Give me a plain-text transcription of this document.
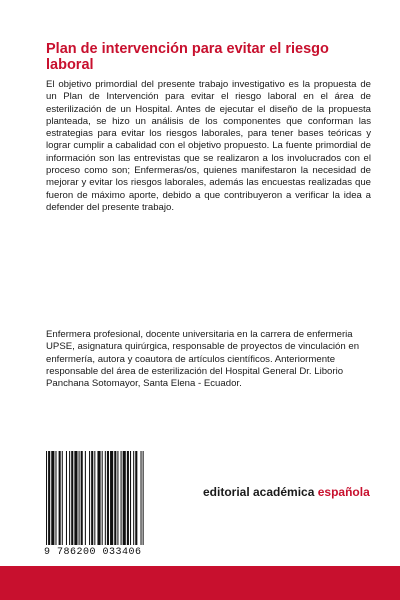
Plan de intervención para evitar el riesgo laboral
El objetivo primordial del presente trabajo investigativo es la propuesta de un Plan de Intervención para evitar el riesgo laboral en el área de esterilización de un Hospital. Antes de ejecutar el diseño de la propuesta planteada, se hizo un análisis de los componentes que conforman las estrategias para evitar los riesgos laborales, para tener bases teóricas y lograr cumplir a cabalidad con el objetivo propuesto. La fuente primordial de información son las entrevistas que se realizaron a los involucrados con el proceso como son; Enfermeras/os, quienes manifestaron la necesidad de mejorar y evitar los riesgos laborales, además las encuestas realizadas que fueron de máximo aporte, debido a que contribuyeron a verificar la idea a defender del presente trabajo.
Enfermera profesional, docente universitaria en la carrera de enfermeria UPSE, asignatura quirúrgica, responsable de proyectos de vinculación en enfermería, autora y coautora de artículos científicos. Anteriormente responsable del área de esterilización del Hospital General Dr. Liborio Panchana Sotomayor, Santa Elena - Ecuador.
9 786200 033406
editorial académica española
